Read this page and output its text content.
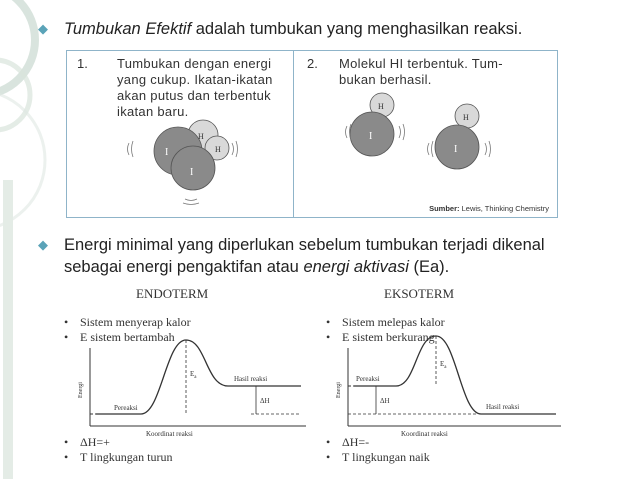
◆ Tumbukan Efektif adalah tumbukan yang menghasilkan reaksi.
1. Tumbukan dengan energi
yang cukup. Ikatan-ikatan
akan putus dan terbentuk
ikatan baru.
2. Molekul HI terbentuk. Tum-
bukan berhasil.
H
H
I
I
H
I
H
I
Sumber: Lewis, Thinking Chemistry
◆ Energi minimal yang diperlukan sebelum tumbukan terjadi dikenal
sebagai energi pengaktifan atau energi aktivasi (Ea).
ENDOTERM
• Sistem menyerap kalor
• E sistem bertambah
Energi
Koordinat reaksi
Pereaksi
Hasil reaksi
$E_a$
ΔH
• ΔH=+
• T lingkungan turun
EKSOTERM
• Sistem melepas kalor
• E sistem berkurang
Energi
Koordinat reaksi
Pereaksi
Hasil reaksi
$E_a$
ΔH
• ΔH=-
• T lingkungan naik
